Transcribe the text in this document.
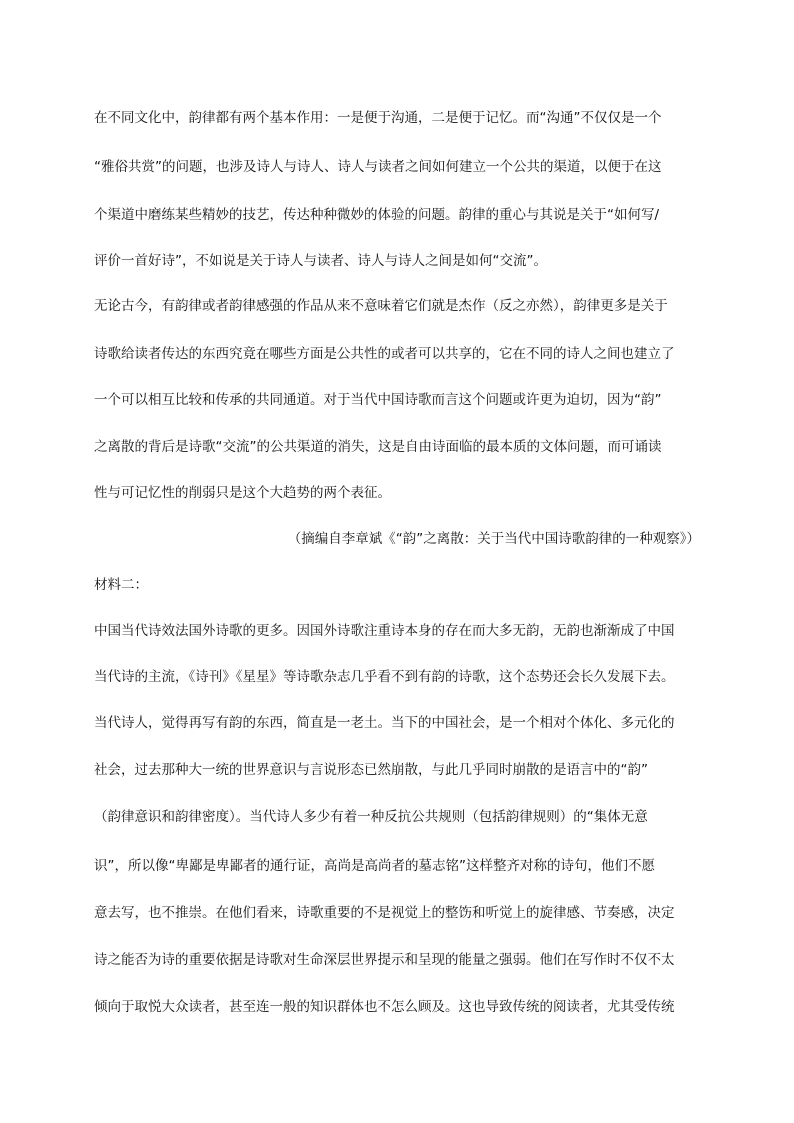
在不同文化中，韵律都有两个基本作用：一是便于沟通，二是便于记忆。而“沟通”不仅仅是一个
“雅俗共赏”的问题，也涉及诗人与诗人、诗人与读者之间如何建立一个公共的渠道，以便于在这
个渠道中磨练某些精妙的技艺，传达种种微妙的体验的问题。韵律的重心与其说是关于“如何写/
评价一首好诗”，不如说是关于诗人与读者、诗人与诗人之间是如何“交流”。
无论古今，有韵律或者韵律感强的作品从来不意味着它们就是杰作（反之亦然），韵律更多是关于
诗歌给读者传达的东西究竟在哪些方面是公共性的或者可以共享的，它在不同的诗人之间也建立了
一个可以相互比较和传承的共同通道。对于当代中国诗歌而言这个问题或许更为迫切，因为“韵”
之离散的背后是诗歌“交流”的公共渠道的消失，这是自由诗面临的最本质的文体问题，而可诵读
性与可记忆性的削弱只是这个大趋势的两个表征。
（摘编自李章斌《“韵”之离散：关于当代中国诗歌韵律的一种观察》）
材料二：
中国当代诗效法国外诗歌的更多。因国外诗歌注重诗本身的存在而大多无韵，无韵也渐渐成了中国
当代诗的主流，《诗刊》《星星》等诗歌杂志几乎看不到有韵的诗歌，这个态势还会长久发展下去。
当代诗人，觉得再写有韵的东西，简直是一老土。当下的中国社会，是一个相对个体化、多元化的
社会，过去那种大一统的世界意识与言说形态已然崩散，与此几乎同时崩散的是语言中的“韵”
（韵律意识和韵律密度）。当代诗人多少有着一种反抗公共规则（包括韵律规则）的“集体无意
识”，所以像“卑鄙是卑鄙者的通行证，高尚是高尚者的墓志铭”这样整齐对称的诗句，他们不愿
意去写，也不推崇。在他们看来，诗歌重要的不是视觉上的整饬和听觉上的旋律感、节奏感，决定
诗之能否为诗的重要依据是诗歌对生命深层世界提示和呈现的能量之强弱。他们在写作时不仅不太
倾向于取悦大众读者，甚至连一般的知识群体也不怎么顾及。这也导致传统的阅读者，尤其受传统
